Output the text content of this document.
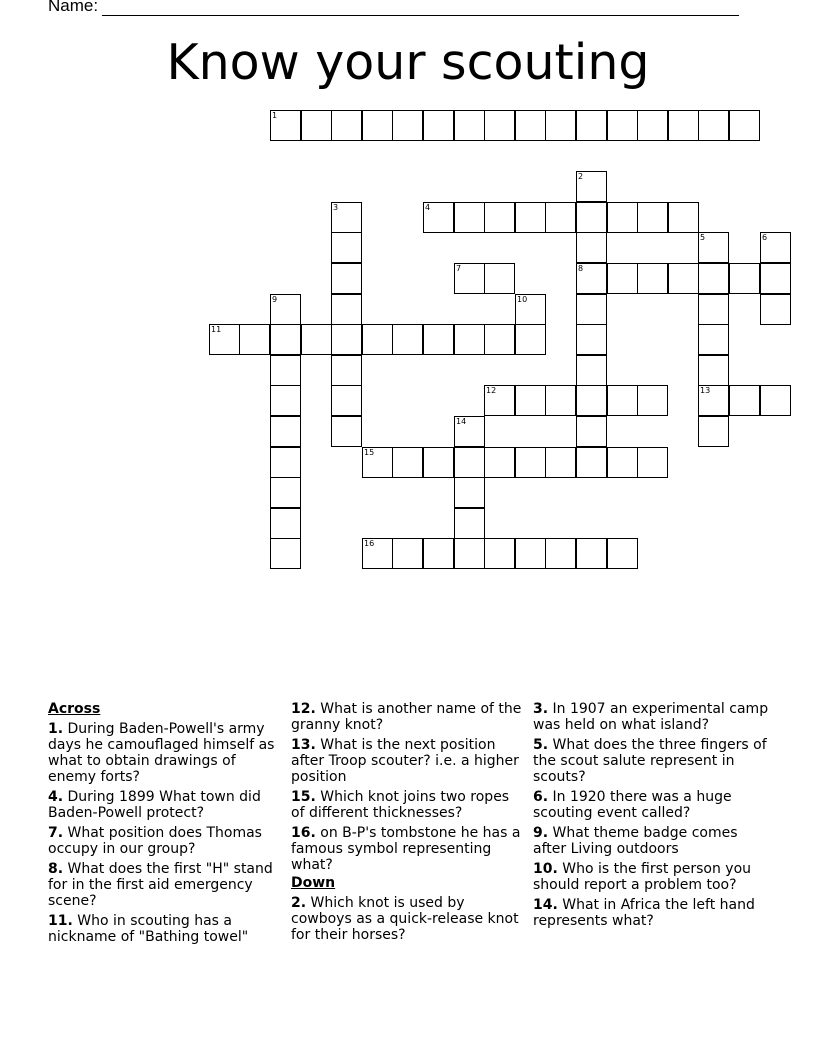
Name:
Know your scouting
1
2
3	4
5	6
7	8
9	10
11
12	13
14
15
16
Across
1. During Baden-Powell's army days he camouflaged himself as what to obtain drawings of enemy forts?
4. During 1899 What town did Baden-Powell protect?
7. What position does Thomas occupy in our group?
8. What does the first "H" stand for in the first aid emergency scene?
11. Who in scouting has a nickname of "Bathing towel"
12. What is another name of the granny knot?
13. What is the next position after Troop scouter? i.e. a higher position
15. Which knot joins two ropes of different thicknesses?
16. on B-P's tombstone he has a famous symbol representing what?
Down
2. Which knot is used by cowboys as a quick-release knot for their horses?
3. In 1907 an experimental camp was held on what island?
5. What does the three fingers of the scout salute represent in scouts?
6. In 1920 there was a huge scouting event called?
9. What theme badge comes after Living outdoors
10. Who is the first person you should report a problem too?
14. What in Africa the left hand represents what?
